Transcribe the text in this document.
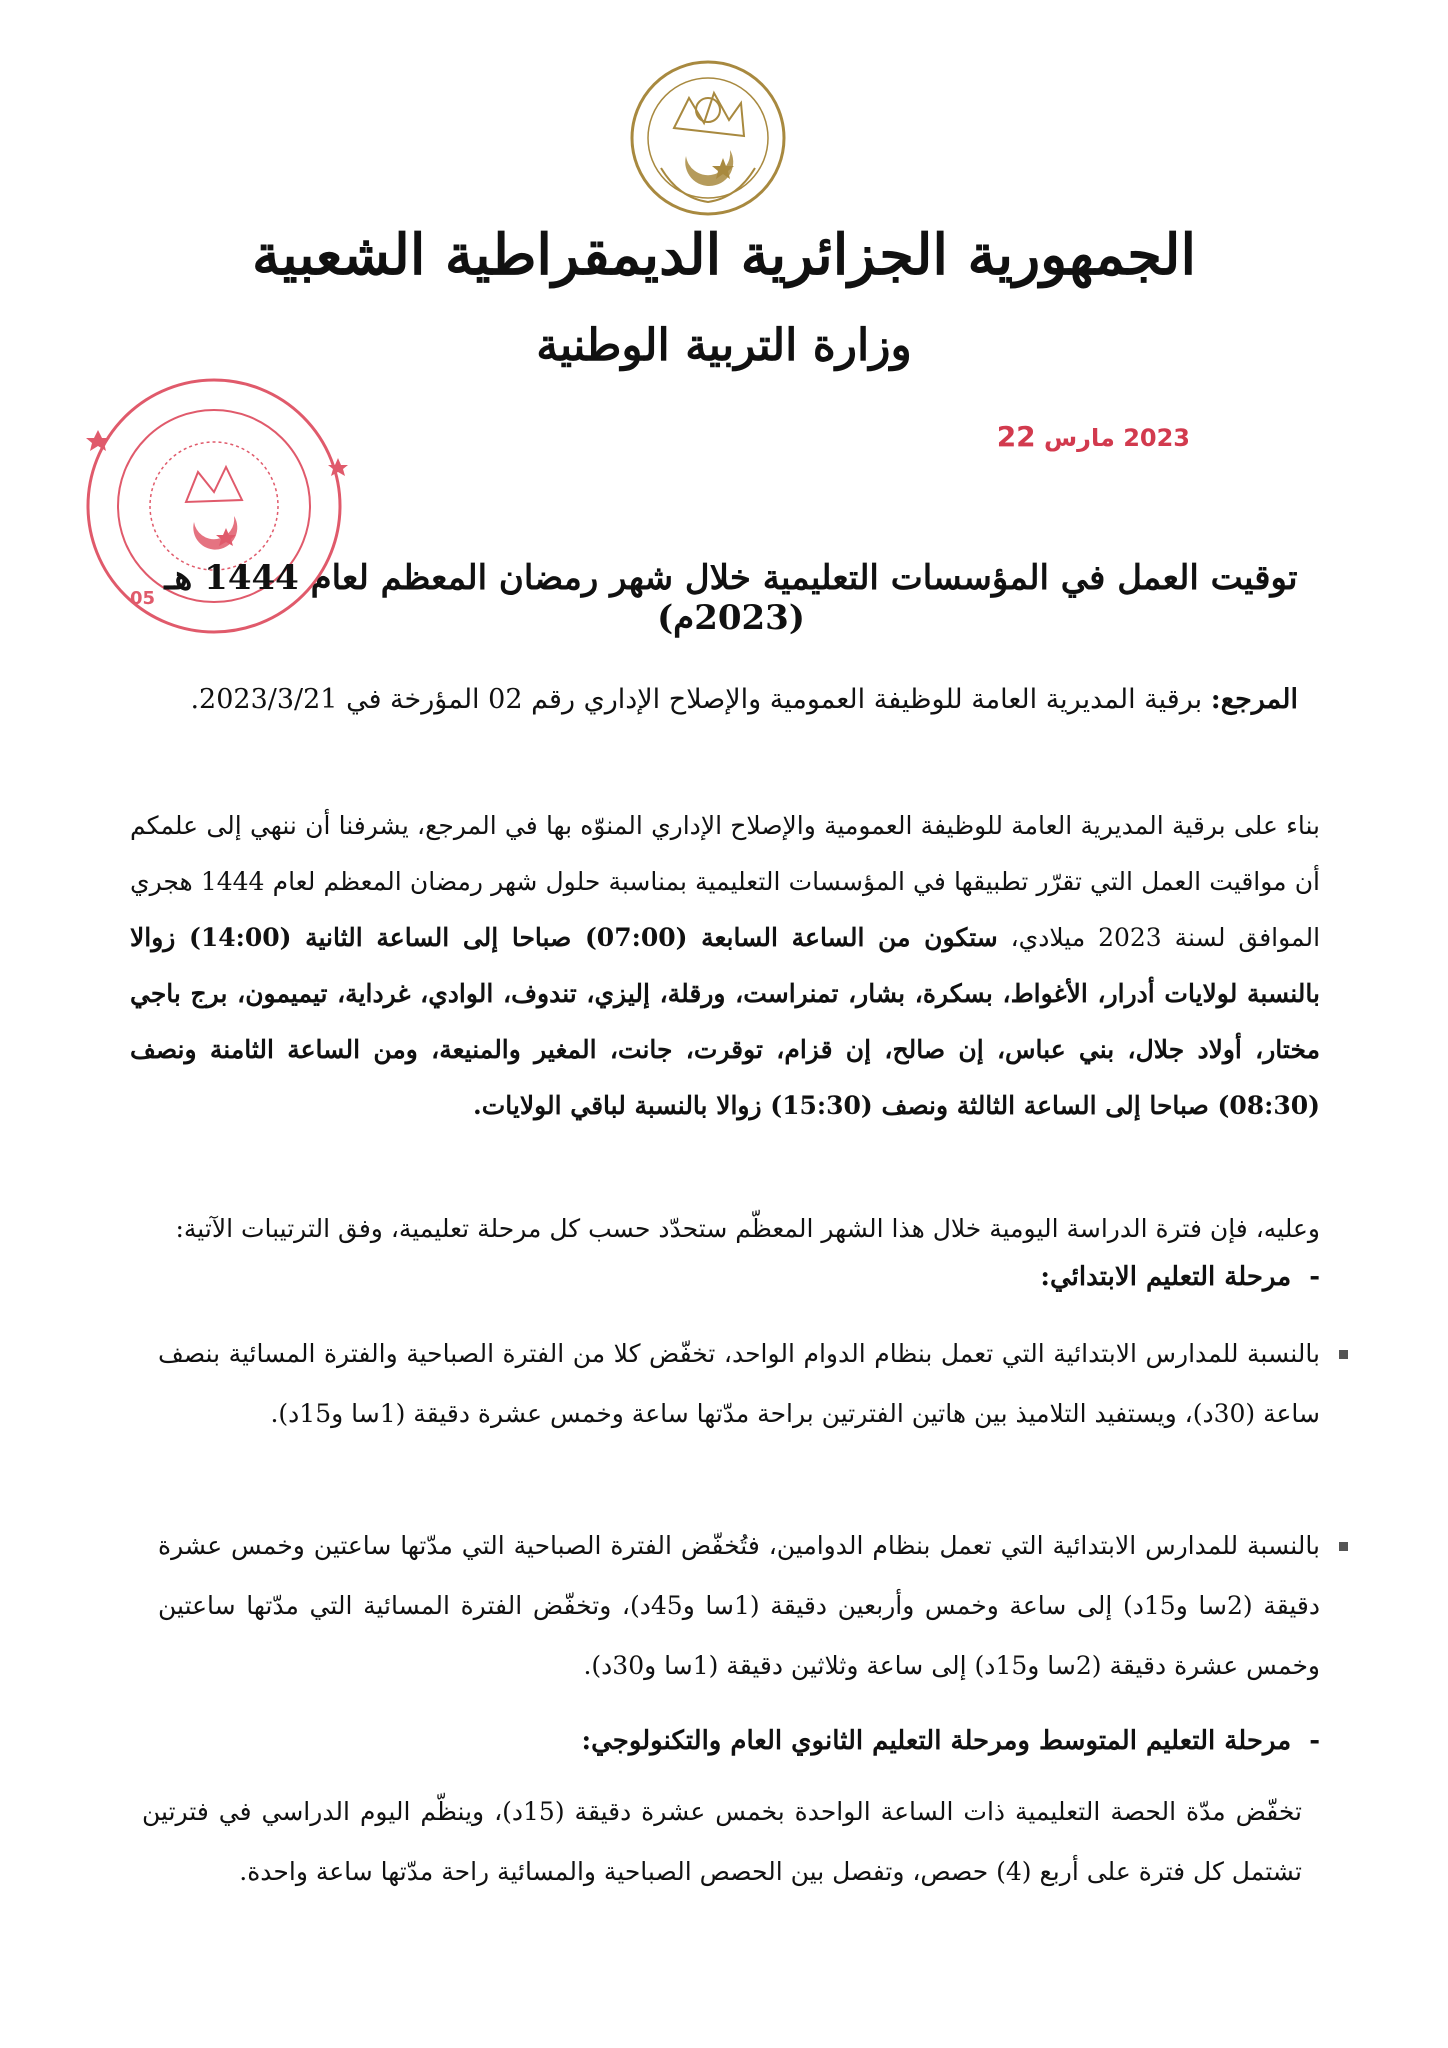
الجمهورية الجزائرية الديمقراطية الشعبية
وزارة التربية الوطنية
05
2023 مارس 22
توقيت العمل في المؤسسات التعليمية خلال شهر رمضان المعظم لعام 1444 هـ (2023م)
المرجع: برقية المديرية العامة للوظيفة العمومية والإصلاح الإداري رقم 02 المؤرخة في 2023/3/21.
بناء على برقية المديرية العامة للوظيفة العمومية والإصلاح الإداري المنوّه بها في المرجع، يشرفنا أن ننهي إلى علمكم أن مواقيت العمل التي تقرّر تطبيقها في المؤسسات التعليمية بمناسبة حلول شهر رمضان المعظم لعام 1444 هجري الموافق لسنة 2023 ميلادي، ستكون من الساعة السابعة (07:00) صباحا إلى الساعة الثانية (14:00) زوالا بالنسبة لولايات أدرار، الأغواط، بسكرة، بشار، تمنراست، ورقلة، إليزي، تندوف، الوادي، غرداية، تيميمون، برج باجي مختار، أولاد جلال، بني عباس، إن صالح، إن قزام، توقرت، جانت، المغير والمنيعة، ومن الساعة الثامنة ونصف (08:30) صباحا إلى الساعة الثالثة ونصف (15:30) زوالا بالنسبة لباقي الولايات.
وعليه، فإن فترة الدراسة اليومية خلال هذا الشهر المعظّم ستحدّد حسب كل مرحلة تعليمية، وفق الترتيبات الآتية:
-مرحلة التعليم الابتدائي:
بالنسبة للمدارس الابتدائية التي تعمل بنظام الدوام الواحد، تخفّض كلا من الفترة الصباحية والفترة المسائية بنصف ساعة (30د)، ويستفيد التلاميذ بين هاتين الفترتين براحة مدّتها ساعة وخمس عشرة دقيقة (1سا و15د).
بالنسبة للمدارس الابتدائية التي تعمل بنظام الدوامين، فتُخفّض الفترة الصباحية التي مدّتها ساعتين وخمس عشرة دقيقة (2سا و15د) إلى ساعة وخمس وأربعين دقيقة (1سا و45د)، وتخفّض الفترة المسائية التي مدّتها ساعتين وخمس عشرة دقيقة (2سا و15د) إلى ساعة وثلاثين دقيقة (1سا و30د).
-مرحلة التعليم المتوسط ومرحلة التعليم الثانوي العام والتكنولوجي:
تخفّض مدّة الحصة التعليمية ذات الساعة الواحدة بخمس عشرة دقيقة (15د)، وينظّم اليوم الدراسي في فترتين تشتمل كل فترة على أربع (4) حصص، وتفصل بين الحصص الصباحية والمسائية راحة مدّتها ساعة واحدة.
